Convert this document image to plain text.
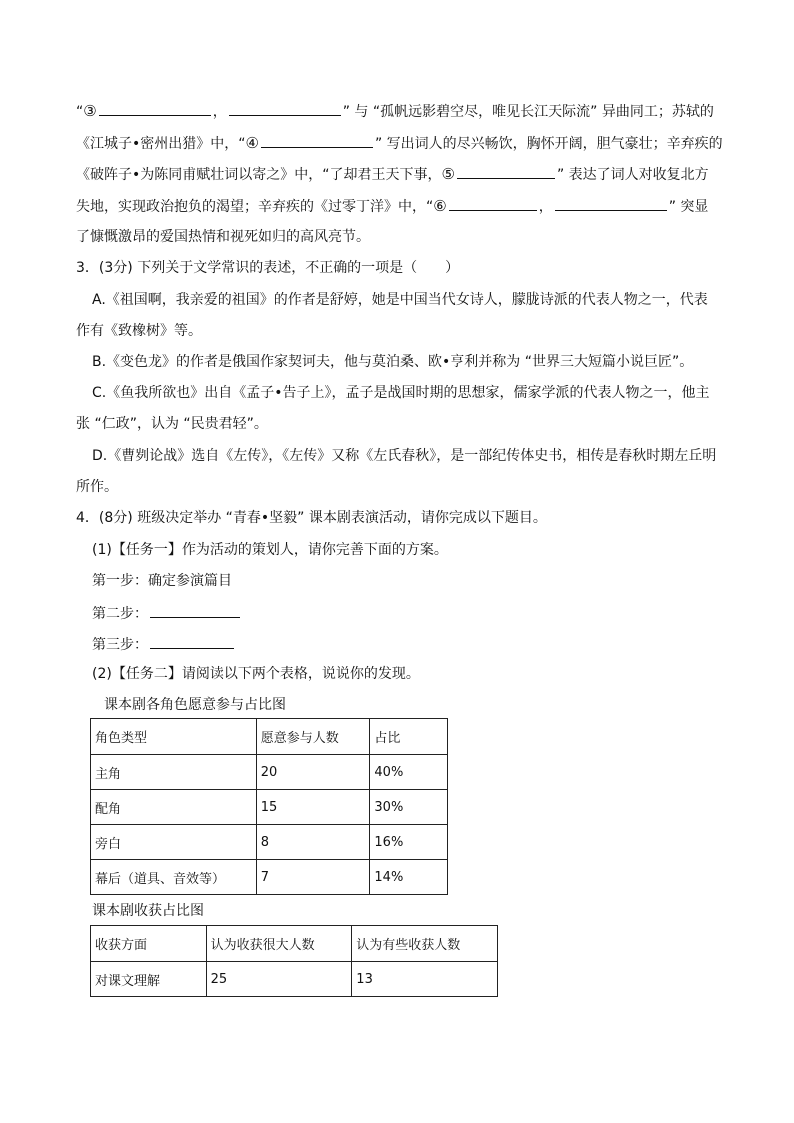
“③	，	” 与 “孤帆远影碧空尽，唯见长江天际流” 异曲同工；苏轼的
《江城子•密州出猎》中，“④	” 写出词人的尽兴畅饮，胸怀开阔，胆气豪壮；辛弃疾的
《破阵子•为陈同甫赋壮词以寄之》中，“了却君王天下事，⑤	” 表达了词人对收复北方
失地，实现政治抱负的渴望；辛弃疾的《过零丁洋》中，“⑥	，	” 突显
了慷慨激昂的爱国热情和视死如归的高风亮节。
3．(3分) 下列关于文学常识的表述，不正确的一项是（　　）
A.《祖国啊，我亲爱的祖国》的作者是舒婷，她是中国当代女诗人，朦胧诗派的代表人物之一，代表
作有《致橡树》等。
B.《变色龙》的作者是俄国作家契诃夫，他与莫泊桑、欧•亨利并称为 “世界三大短篇小说巨匠”。
C.《鱼我所欲也》出自《孟子•告子上》，孟子是战国时期的思想家，儒家学派的代表人物之一，他主
张 “仁政”，认为 “民贵君轻”。
D.《曹刿论战》选自《左传》，《左传》又称《左氏春秋》，是一部纪传体史书，相传是春秋时期左丘明
所作。
4．(8分) 班级决定举办 “青春•坚毅” 课本剧表演活动，请你完成以下题目。
(1)【任务一】作为活动的策划人，请你完善下面的方案。
第一步：确定参演篇目
第二步：
第三步：
(2)【任务二】请阅读以下两个表格，说说你的发现。
课本剧各角色愿意参与占比图
角色类型	愿意参与人数	占比
主角	20	40%
配角	15	30%
旁白	8	16%
幕后（道具、音效等）	7	14%
课本剧收获占比图
收获方面	认为收获很大人数	认为有些收获人数
对课文理解	25	13
